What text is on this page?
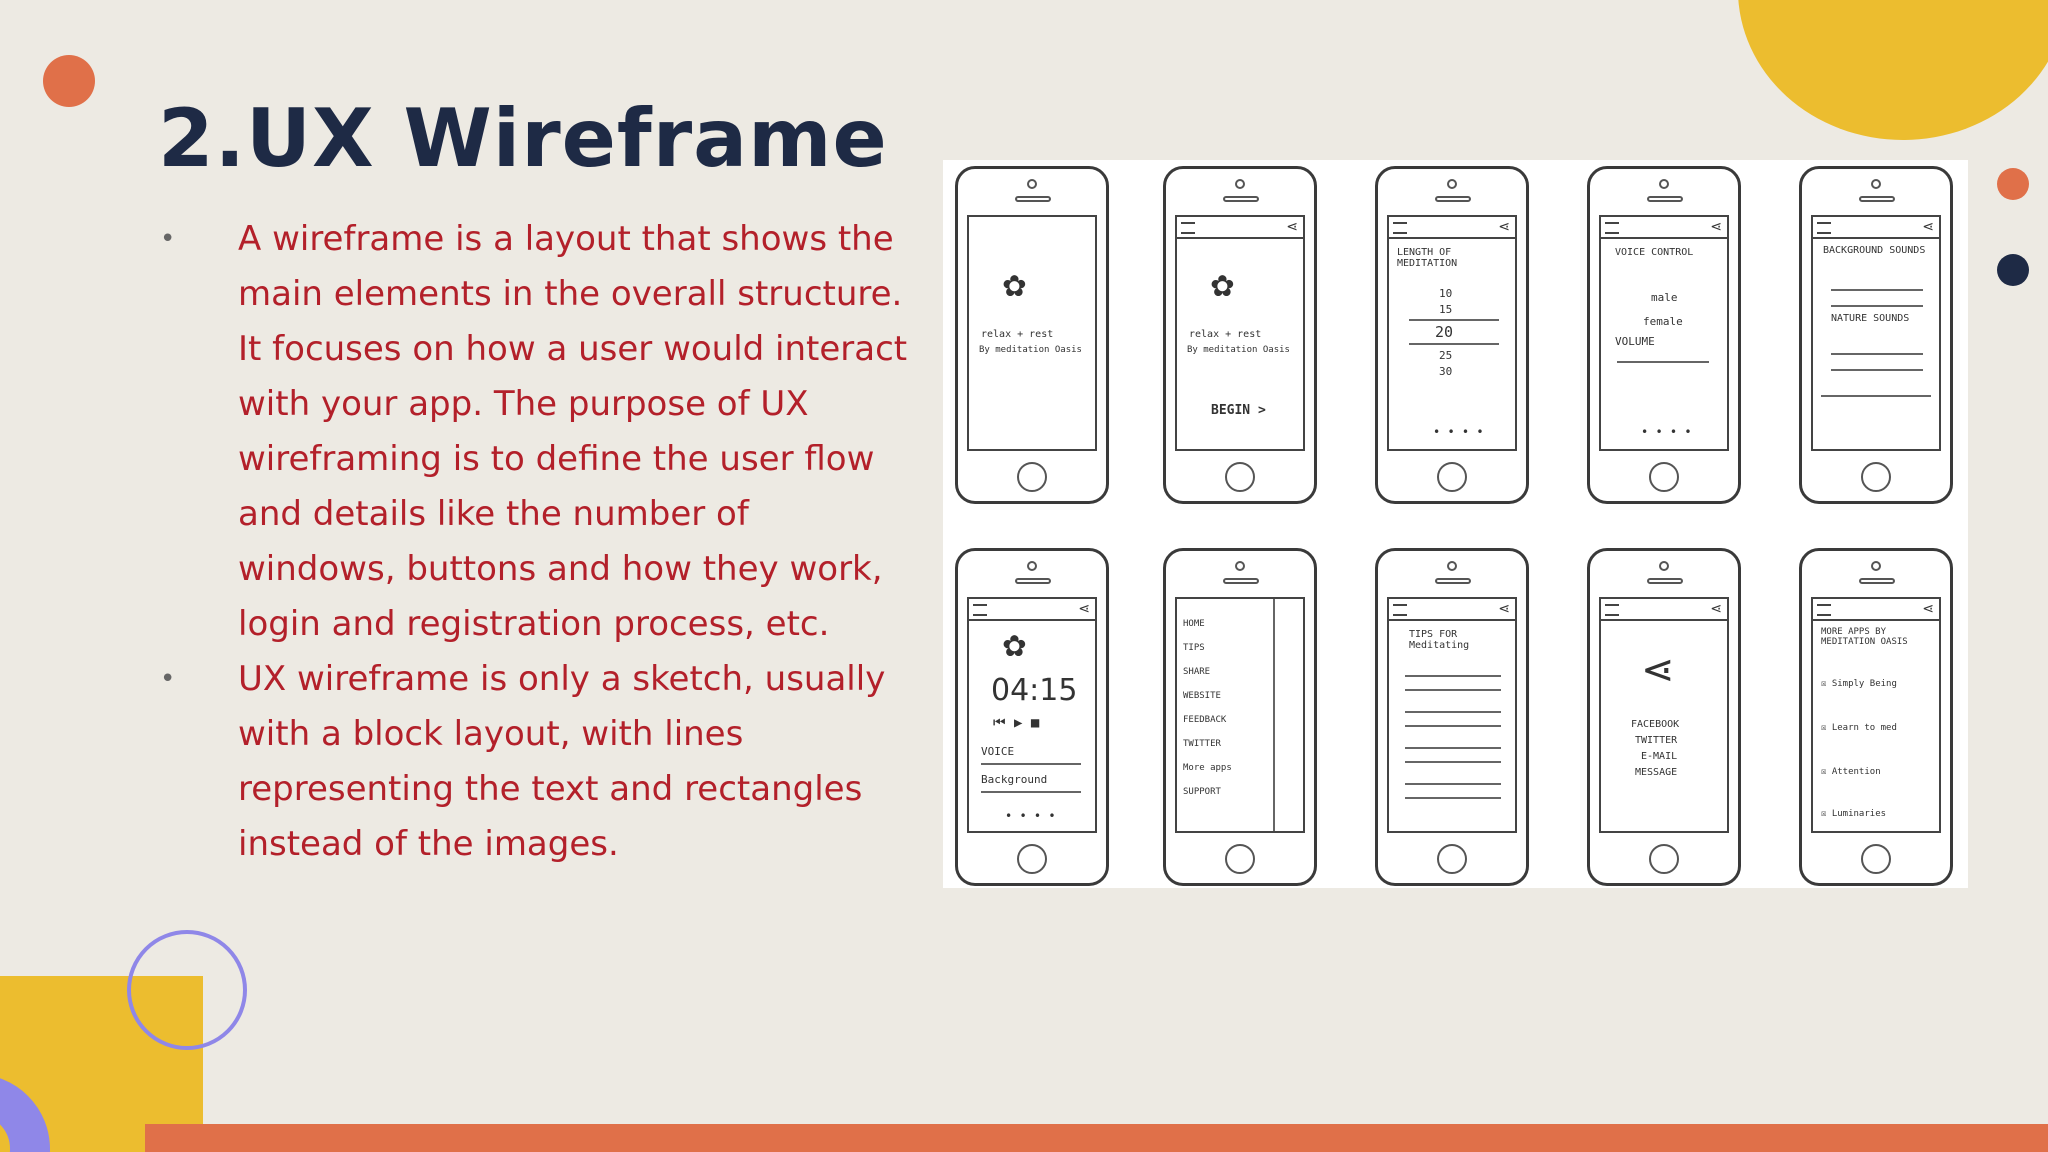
2.UX Wireframe
• A wireframe is a layout that shows the main elements in the overall structure. It focuses on how a user would interact with your app. The purpose of UX wireframing is to define the user flow and details like the number of windows, buttons and how they work, login and registration process, etc.
• UX wireframe is only a sketch, usually with a block layout, with lines representing the text and rectangles instead of the images.
✿
relax + rest
By meditation Oasis
⋖
✿
relax + rest
By meditation Oasis
BEGIN >
⋖
LENGTH OF MEDITATION
10
15
20
25
30
• • • •
⋖
VOICE CONTROL
male
female
VOLUME
• • • •
⋖
BACKGROUND SOUNDS
NATURE SOUNDS
⋖
✿
04:15
⏮ ▶ ■
VOICE
Background
• • • •
HOME
TIPS
SHARE
WEBSITE
FEEDBACK
TWITTER
More apps
SUPPORT
⋖
TIPS FOR Meditating
⋖
⋖
FACEBOOK
TWITTER
E-MAIL
MESSAGE
⋖
MORE APPS BY MEDITATION OASIS
☒ Simply Being
☒ Learn to med
☒ Attention
☒ Luminaries
